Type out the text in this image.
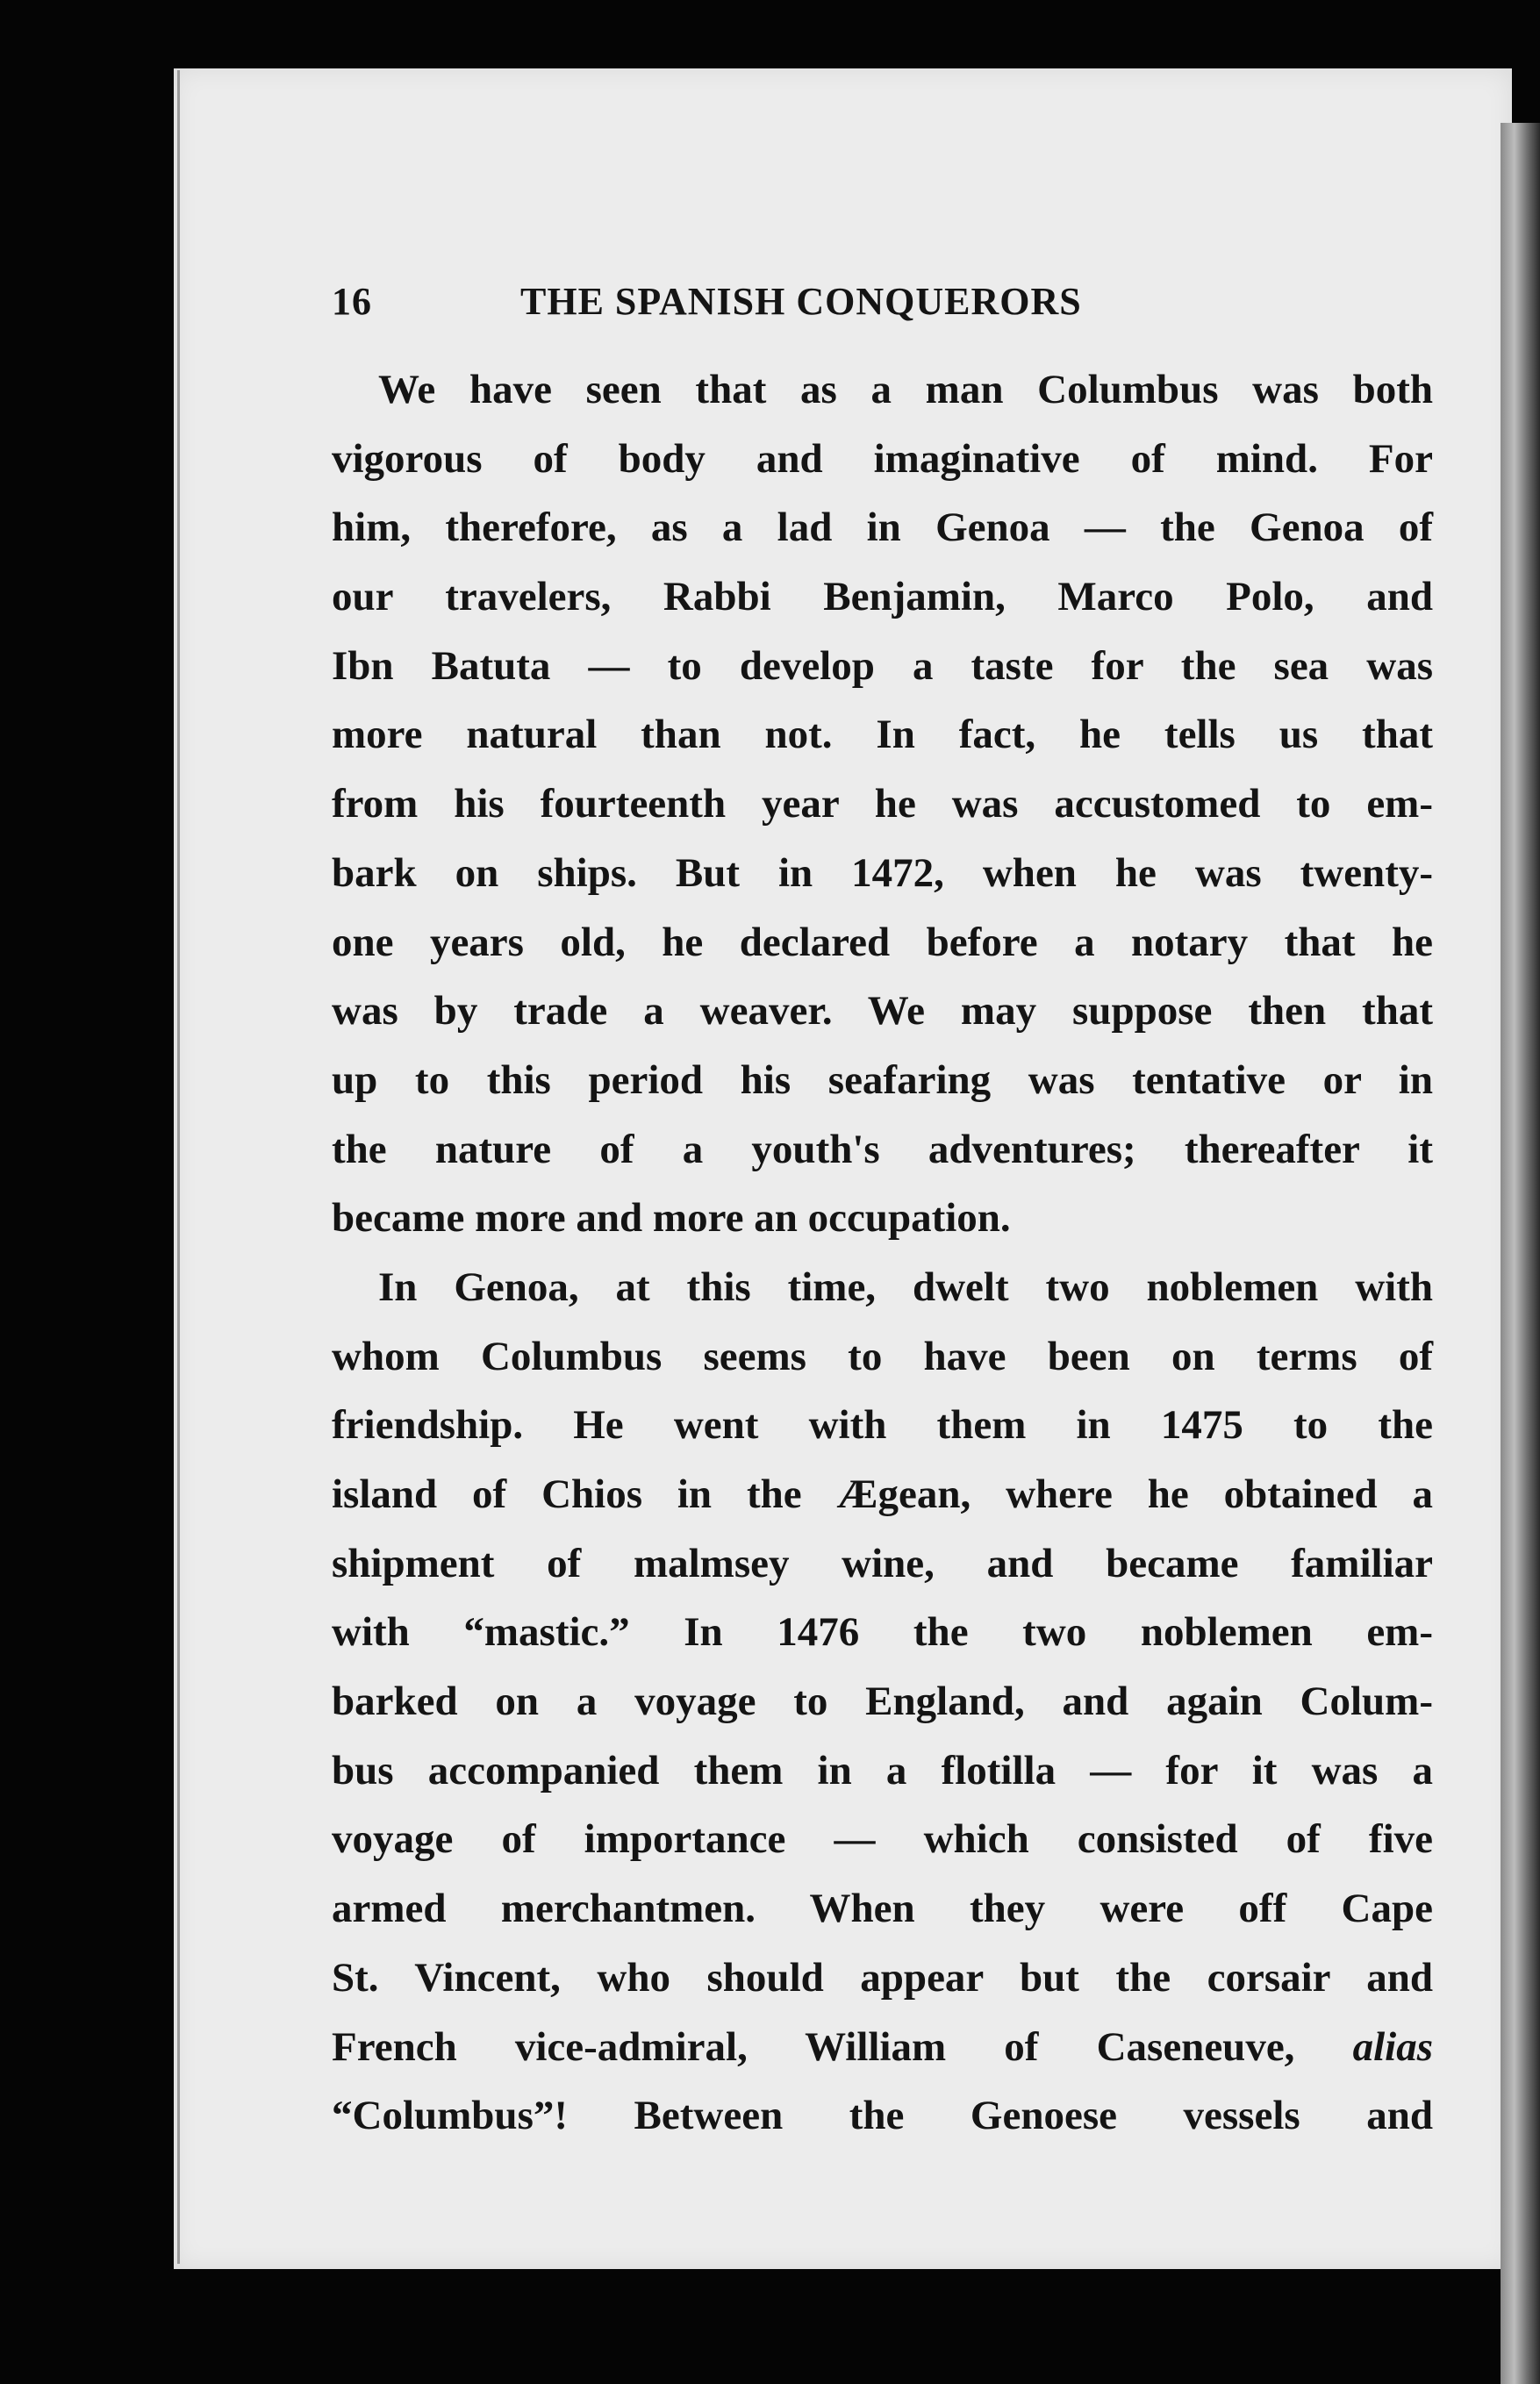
16	THE SPANISH CONQUERORS
We have seen that as a man Columbus was both
vigorous of body and imaginative of mind. For
him, therefore, as a lad in Genoa — the Genoa of
our travelers, Rabbi Benjamin, Marco Polo, and
Ibn Batuta — to develop a taste for the sea was
more natural than not. In fact, he tells us that
from his fourteenth year he was accustomed to em-
bark on ships. But in 1472, when he was twenty-
one years old, he declared before a notary that he
was by trade a weaver. We may suppose then that
up to this period his seafaring was tentative or in
the nature of a youth's adventures; thereafter it
became more and more an occupation.
In Genoa, at this time, dwelt two noblemen with
whom Columbus seems to have been on terms of
friendship. He went with them in 1475 to the
island of Chios in the Ægean, where he obtained a
shipment of malmsey wine, and became familiar
with “mastic.” In 1476 the two noblemen em-
barked on a voyage to England, and again Colum-
bus accompanied them in a flotilla — for it was a
voyage of importance — which consisted of five
armed merchantmen. When they were off Cape
St. Vincent, who should appear but the corsair and
French vice-admiral, William of Caseneuve, alias
“Columbus”! Between the Genoese vessels and
